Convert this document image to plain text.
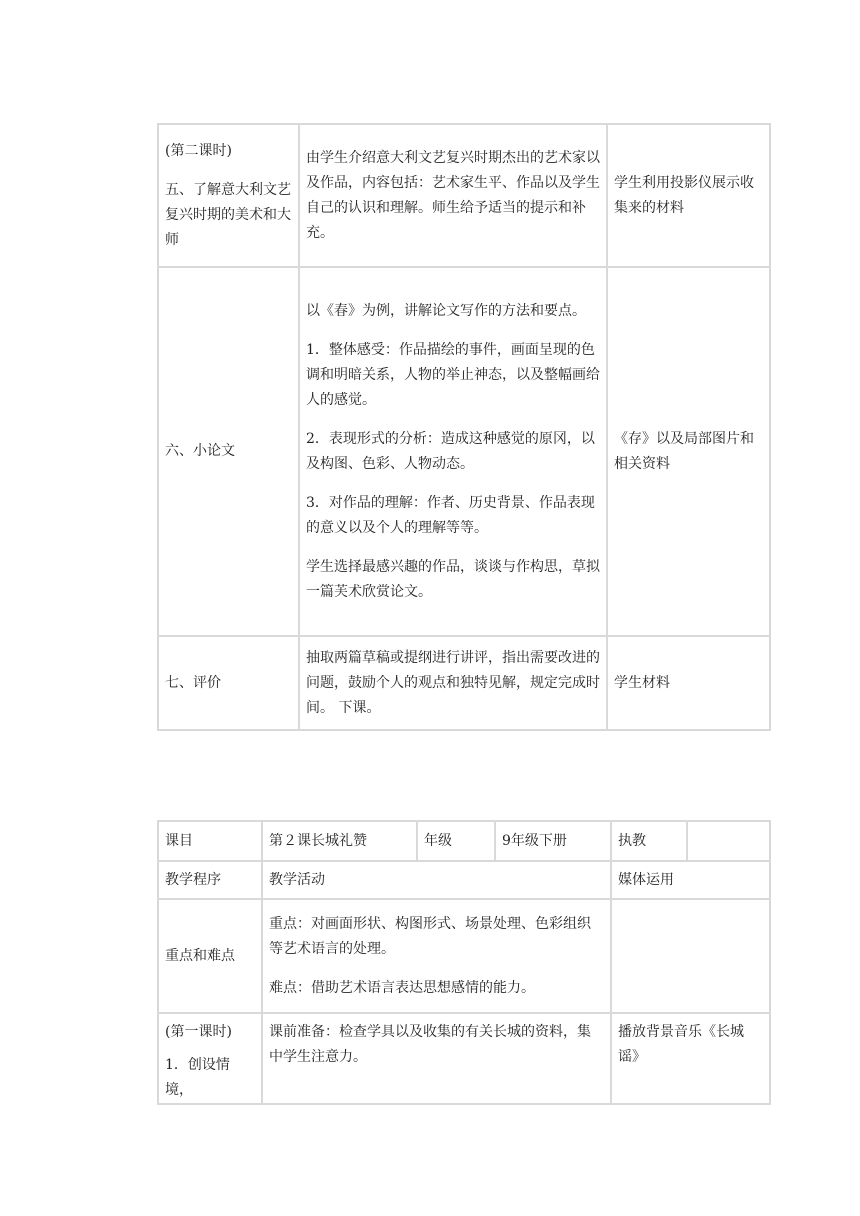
(第二课时)

五、了解意大利文艺复兴时期的美术和大师	由学生介绍意大利文艺复兴时期杰出的艺术家以及作品，内容包括：艺术家生平、作品以及学生自己的认识和理解。师生给予适当的提示和补充。	学生利用投影仪展示收集来的材料

六、小论文	以《春》为例，讲解论文写作的方法和要点。

1．整体感受：作品描绘的事件，画面呈现的色调和明暗关系，人物的举止神态，以及整幅画给人的感觉。

2．表现形式的分析：造成这种感觉的原冈，以及构图、色彩、人物动态。

3．对作品的理解：作者、历史背景、作品表现的意义以及个人的理解等等。

学生选择最感兴趣的作品，谈谈与作构思，草拟一篇芙术欣赏论文。	《存》以及局部图片和相关资料

七、评价	抽取两篇草稿或提纲进行讲评，指出需要改进的问题，鼓励个人的观点和独特见解，规定完成时间。 下课。	学生材料

课目	第２课长城礼赞	年级	9年级下册	执教	
教学程序	教学活动			媒体运用	

重点和难点	重点：对画面形状、构图形式、场景处理、色彩组织等艺术语言的处理。

难点：借助艺术语言表达思想感情的能力。				

(第一课时)

1．创设情境，	课前准备：检查学具以及收集的有关长城的资料，集中学生注意力。			播放背景音乐《长城谣》	
